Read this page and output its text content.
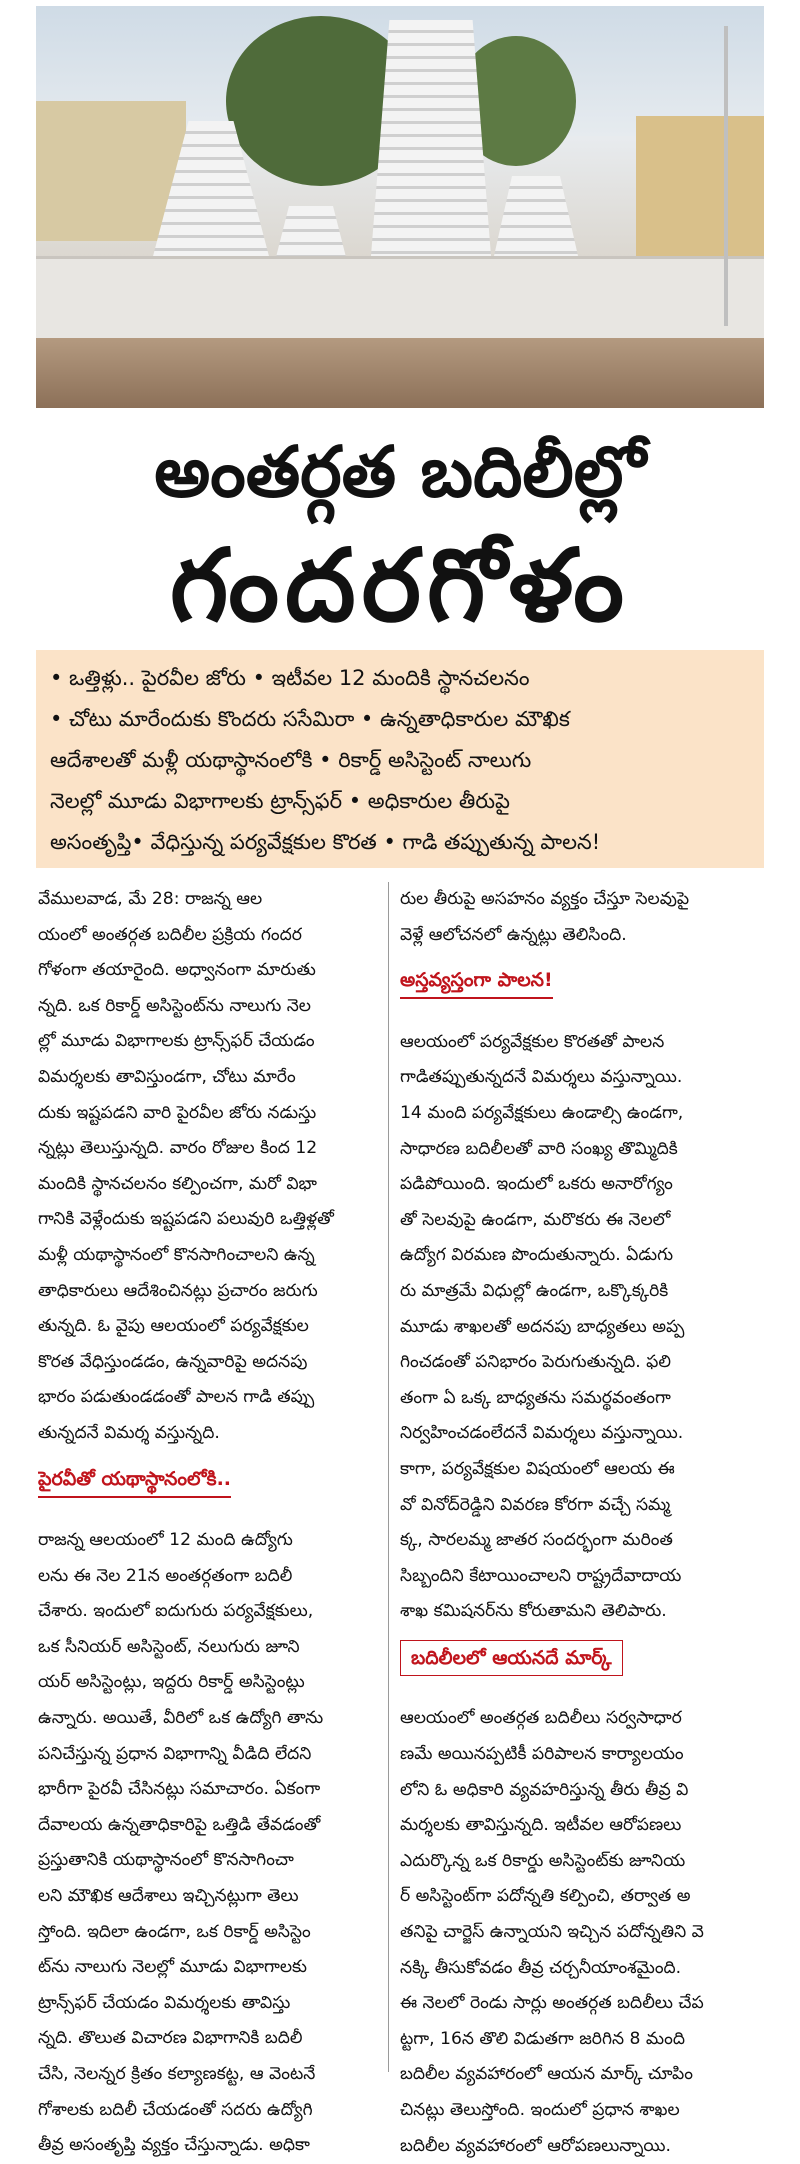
అంతర్గత బదిలీల్లో
గందరగోళం

• ఒత్తిళ్లు.. పైరవీల జోరు • ఇటీవల 12 మందికి స్థానచలనం

• చోటు మారేందుకు కొందరు ససేమిరా • ఉన్నతాధికారుల మౌఖిక

ఆదేశాలతో మళ్లీ యథాస్థానంలోకి • రికార్డ్ అసిస్టెంట్ నాలుగు

నెలల్లో మూడు విభాగాలకు ట్రాన్స్‌ఫర్ • అధికారుల తీరుపై

అసంతృప్తి• వేధిస్తున్న పర్యవేక్షకుల కొరత • గాడి తప్పుతున్న పాలన!

వేములవాడ, మే 28: రాజన్న ఆల

యంలో అంతర్గత బదిలీల ప్రక్రియ గందర

గోళంగా తయారైంది. అధ్వానంగా మారుతు

న్నది. ఒక రికార్డ్ అసిస్టెంట్‌ను నాలుగు నెల

ల్లో మూడు విభాగాలకు ట్రాన్స్‌ఫర్ చేయడం

విమర్శలకు తావిస్తుండగా, చోటు మారేం

దుకు ఇష్టపడని వారి పైరవీల జోరు నడుస్తు

న్నట్లు తెలుస్తున్నది. వారం రోజుల కింద 12

మందికి స్థానచలనం కల్పించగా, మరో విభా

గానికి వెళ్లేందుకు ఇష్టపడని పలువురి ఒత్తిళ్లతో

మళ్లీ యథాస్థానంలో కొనసాగించాలని ఉన్న

తాధికారులు ఆదేశించినట్లు ప్రచారం జరుగు

తున్నది. ఓ వైపు ఆలయంలో పర్యవేక్షకుల

కొరత వేధిస్తుండడం, ఉన్నవారిపై అదనపు

భారం పడుతుండడంతో పాలన గాడి తప్పు

తున్నదనే విమర్శ వస్తున్నది.

పైరవీతో యథాస్థానంలోకి..

రాజన్న ఆలయంలో 12 మంది ఉద్యోగు

లను ఈ నెల 21న అంతర్గతంగా బదిలీ

చేశారు. ఇందులో ఐదుగురు పర్యవేక్షకులు,

ఒక సీనియర్ అసిస్టెంట్, నలుగురు జూని

యర్ అసిస్టెంట్లు, ఇద్దరు రికార్డ్ అసిస్టెంట్లు

ఉన్నారు. అయితే, వీరిలో ఒక ఉద్యోగి తాను

పనిచేస్తున్న ప్రధాన విభాగాన్ని వీడిది లేదని

భారీగా పైరవీ చేసినట్లు సమాచారం. ఏకంగా

దేవాలయ ఉన్నతాధికారిపై ఒత్తిడి తేవడంతో

ప్రస్తుతానికి యథాస్థానంలో కొనసాగించా

లని మౌఖిక ఆదేశాలు ఇచ్చినట్లుగా తెలు

స్తోంది. ఇదిలా ఉండగా, ఒక రికార్డ్ అసిస్టెం

ట్‌ను నాలుగు నెలల్లో మూడు విభాగాలకు

ట్రాన్స్‌ఫర్ చేయడం విమర్శలకు తావిస్తు

న్నది. తొలుత విచారణ విభాగానికి బదిలీ

చేసి, నెలన్నర క్రితం కల్యాణకట్ట, ఆ వెంటనే

గోశాలకు బదిలీ చేయడంతో సదరు ఉద్యోగి

తీవ్ర అసంతృప్తి వ్యక్తం చేస్తున్నాడు. అధికా

రుల తీరుపై అసహనం వ్యక్తం చేస్తూ సెలవుపై

వెళ్లే ఆలోచనలో ఉన్నట్లు తెలిసింది.

అస్తవ్యస్తంగా పాలన!

ఆలయంలో పర్యవేక్షకుల కొరతతో పాలన

గాడితప్పుతున్నదనే విమర్శలు వస్తున్నాయి.

14 మంది పర్యవేక్షకులు ఉండాల్సి ఉండగా,

సాధారణ బదిలీలతో వారి సంఖ్య తొమ్మిదికి

పడిపోయింది. ఇందులో ఒకరు అనారోగ్యం

తో సెలవుపై ఉండగా, మరొకరు ఈ నెలలో

ఉద్యోగ విరమణ పొందుతున్నారు. ఏడుగు

రు మాత్రమే విధుల్లో ఉండగా, ఒక్కొక్కరికి

మూడు శాఖలతో అదనపు బాధ్యతలు అప్ప

గించడంతో పనిభారం పెరుగుతున్నది. ఫలి

తంగా ఏ ఒక్క బాధ్యతను సమర్థవంతంగా

నిర్వహించడంలేదనే విమర్శలు వస్తున్నాయి.

కాగా, పర్యవేక్షకుల విషయంలో ఆలయ ఈ

వో వినోద్‌రెడ్డిని వివరణ కోరగా వచ్చే సమ్మ

క్క, సారలమ్మ జాతర సందర్భంగా మరింత

సిబ్బందిని కేటాయించాలని రాష్ట్రదేవాదాయ

శాఖ కమిషనర్‌ను కోరుతామని తెలిపారు.

బదిలీలలో ఆయనదే మార్క్

ఆలయంలో అంతర్గత బదిలీలు సర్వసాధార

ణమే అయినప్పటికీ పరిపాలన కార్యాలయం

లోని ఓ అధికారి వ్యవహరిస్తున్న తీరు తీవ్ర వి

మర్శలకు తావిస్తున్నది. ఇటీవల ఆరోపణలు

ఎదుర్కొన్న ఒక రికార్డు అసిస్టెంట్‌కు జూనియ

ర్ అసిస్టెంట్‌గా పదోన్నతి కల్పించి, తర్వాత అ

తనిపై చార్జెస్ ఉన్నాయని ఇచ్చిన పదోన్నతిని వె

నక్కి తీసుకోవడం తీవ్ర చర్చనీయాంశమైంది.

ఈ నెలలో రెండు సార్లు అంతర్గత బదిలీలు చేప

ట్టగా, 16న తొలి విడుతగా జరిగిన 8 మంది

బదిలీల వ్యవహారంలో ఆయన మార్క్ చూపిం

చినట్లు తెలుస్తోంది. ఇందులో ప్రధాన శాఖల

బదిలీల వ్యవహారంలో ఆరోపణలున్నాయి.
